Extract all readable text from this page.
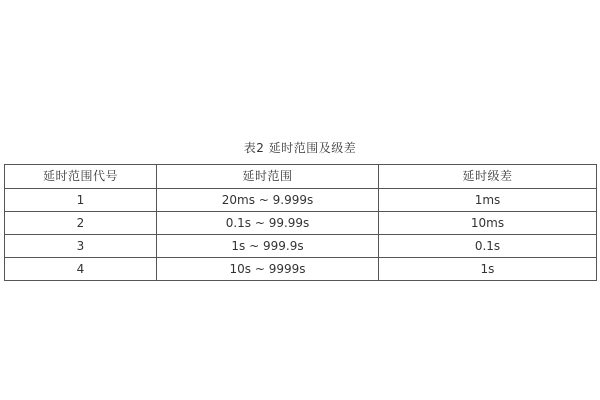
表2 延时范围及级差
延时范围代号	延时范围	延时级差
1	20ms ~ 9.999s	1ms
2	0.1s ~ 99.99s	10ms
3	1s ~ 999.9s	0.1s
4	10s ~ 9999s	1s
